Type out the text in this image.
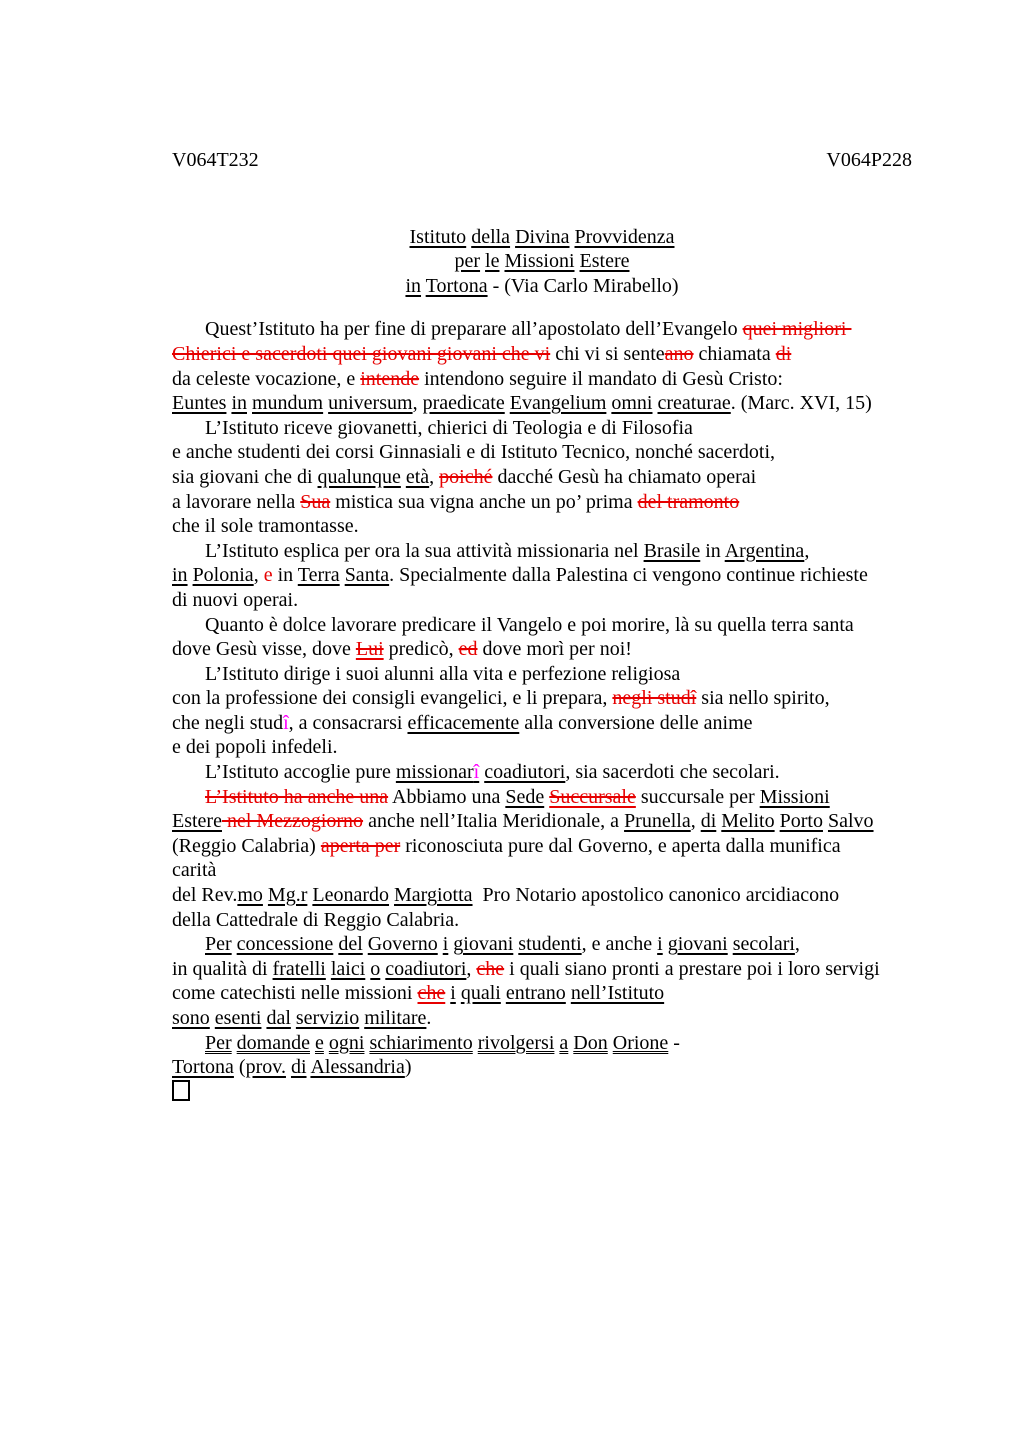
V064T232	V064P228
Istituto della Divina Provvidenza
per le Missioni Estere
in Tortona - (Via Carlo Mirabello)
Quest’Istituto ha per fine di preparare all’apostolato dell’Evangelo quei migliori
Chierici e sacerdoti quei giovani giovani che vi chi vi si senteano chiamata di
da celeste vocazione, e intende intendono seguire il mandato di Gesù Cristo:
Euntes in mundum universum, praedicate Evangelium omni creaturae. (Marc. XVI, 15)
L’Istituto riceve giovanetti, chierici di Teologia e di Filosofia
e anche studenti dei corsi Ginnasiali e di Istituto Tecnico, nonché sacerdoti,
sia giovani che di qualunque età, poiché dacché Gesù ha chiamato operai
a lavorare nella Sua mistica sua vigna anche un po’ prima del tramonto
che il sole tramontasse.
L’Istituto esplica per ora la sua attività missionaria nel Brasile in Argentina,
in Polonia, e in Terra Santa. Specialmente dalla Palestina ci vengono continue richieste
di nuovi operai.
Quanto è dolce lavorare predicare il Vangelo e poi morire, là su quella terra santa
dove Gesù visse, dove Lui predicò, ed dove morì per noi!
L’Istituto dirige i suoi alunni alla vita e perfezione religiosa
con la professione dei consigli evangelici, e li prepara, negli studî sia nello spirito,
che negli studî, a consacrarsi efficacemente alla conversione delle anime
e dei popoli infedeli.
L’Istituto accoglie pure missionarî coadiutori, sia sacerdoti che secolari.
L’Istituto ha anche una Abbiamo una Sede Succursale succursale per Missioni
Estere nel Mezzogiorno anche nell’Italia Meridionale, a Prunella, di Melito Porto Salvo
(Reggio Calabria) aperta per riconosciuta pure dal Governo, e aperta dalla munifica
carità
del Rev.mo Mg.r Leonardo Margiotta  Pro Notario apostolico canonico arcidiacono
della Cattedrale di Reggio Calabria.
Per concessione del Governo i giovani studenti, e anche i giovani secolari,
in qualità di fratelli laici o coadiutori, che i quali siano pronti a prestare poi i loro servigi
come catechisti nelle missioni che i quali entrano nell’Istituto
sono esenti dal servizio militare.
Per domande e ogni schiarimento rivolgersi a Don Orione -
Tortona (prov. di Alessandria)
